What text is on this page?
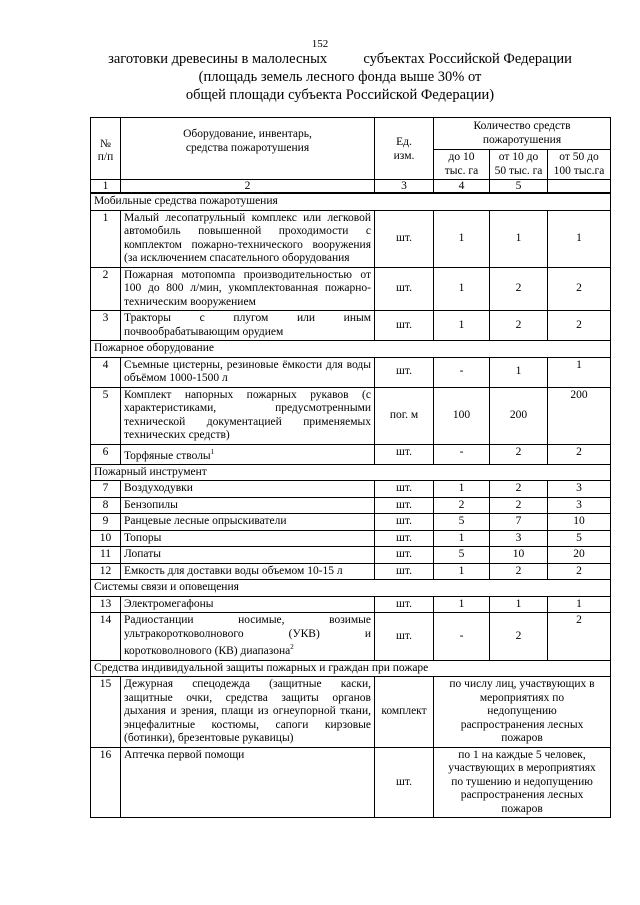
152
заготовки древесины в малолесных          субъектах Российской Федерации
(площадь земель лесного фонда выше 30% от
общей площади субъекта Российской Федерации)
№ п/п	Оборудование, инвентарь, средства пожаротушения	Ед. изм.	Количество средств пожаротушения		
			до 10 тыс. га	от 10 до 50 тыс. га	от 50 до 100 тыс.га
1	2	3	4	5	
Мобильные средства пожаротушения					
1	Малый лесопатрульный комплекс или легковой автомобиль повышенной проходимости с комплектом пожарно-технического вооружения (за исключением спасательного оборудования	шт.	1	1	1
2	Пожарная мотопомпа производительностью от 100 до 800 л/мин, укомплектованная пожарно-техническим вооружением	шт.	1	2	2
3	Тракторы с плугом или иным почвообрабатывающим орудием	шт.	1	2	2
Пожарное оборудование					
4	Съемные цистерны, резиновые ёмкости для воды объёмом 1000-1500 л	шт.	-	1	1
5	Комплект напорных пожарных рукавов (с характеристиками, предусмотренными технической документацией применяемых технических средств)	пог. м	100	200	200
6	Торфяные стволы$^1$	шт.	-	2	2
Пожарный инструмент					
7	Воздуходувки	шт.	1	2	3
8	Бензопилы	шт.	2	2	3
9	Ранцевые лесные опрыскиватели	шт.	5	7	10
10	Топоры	шт.	1	3	5
11	Лопаты	шт.	5	10	20
12	Емкость для доставки воды объемом 10-15 л	шт.	1	2	2
Системы связи и оповещения					
13	Электромегафоны	шт.	1	1	1
14	Радиостанции носимые, возимые ультракоротковолнового (УКВ) и коротковолнового (КВ) диапазона$^2$	шт.	-	2	2
Средства индивидуальной защиты пожарных и граждан при пожаре					
15	Дежурная спецодежда (защитные каски, защитные очки, средства защиты органов дыхания и зрения, плащи из огнеупорной ткани, энцефалитные костюмы, сапоги кирзовые (ботинки), брезентовые рукавицы)	комплект	по числу лиц, участвующих в мероприятиях по недопущению распространения лесных пожаров		
16	Аптечка первой помощи	шт.	по 1 на каждые 5 человек, участвующих в мероприятиях по тушению и недопущению распространения лесных пожаров		
